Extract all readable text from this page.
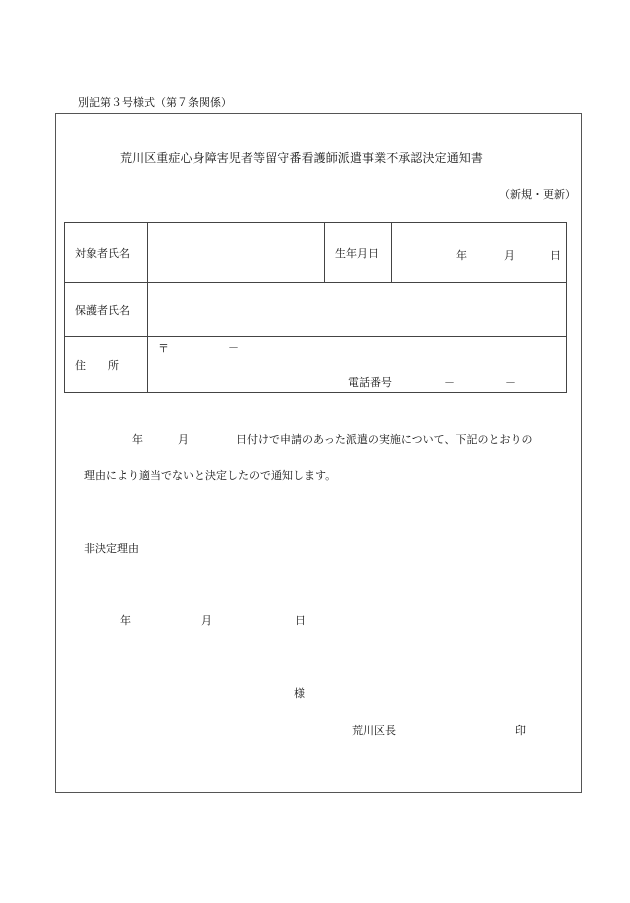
別記第３号様式（第７条関係）
荒川区重症心身障害児者等留守番看護師派遣事業不承認決定通知書
（新規・更新）
対象者氏名		生年月日	年 月 日

保護者氏名			
住　　所	〒 －
電話番号 － －		
年	月	日付けで申請のあった派遣の実施について、下記のとおりの
理由により適当でないと決定したので通知します。
非決定理由
年	月	日
様
荒川区長	印
